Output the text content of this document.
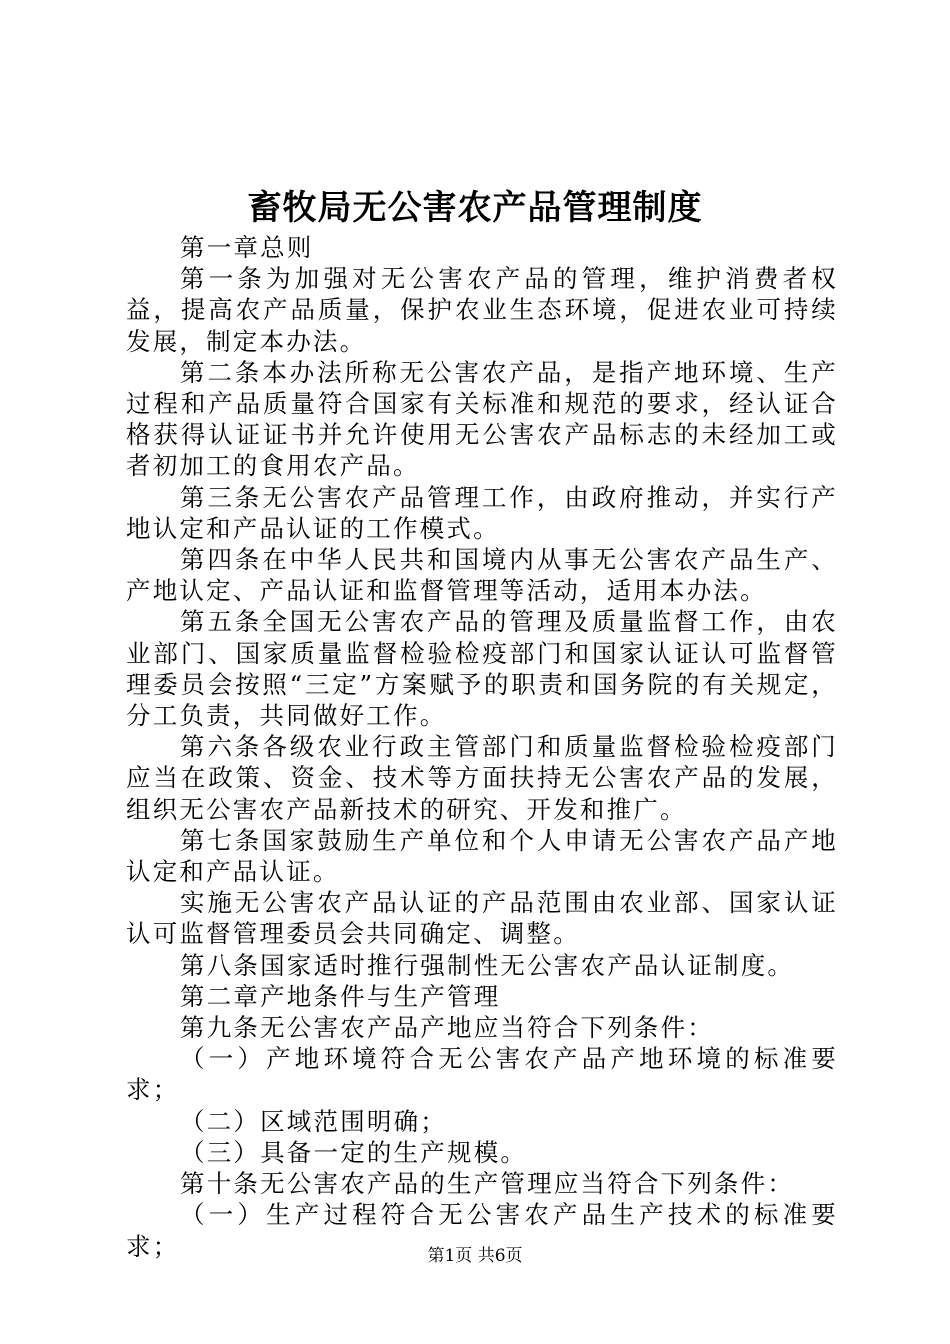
畜牧局无公害农产品管理制度

第一章总则

第一条为加强对无公害农产品的管理，维护消费者权益，提高农产品质量，保护农业生态环境，促进农业可持续发展，制定本办法。

第二条本办法所称无公害农产品，是指产地环境、生产过程和产品质量符合国家有关标准和规范的要求，经认证合格获得认证证书并允许使用无公害农产品标志的未经加工或者初加工的食用农产品。

第三条无公害农产品管理工作，由政府推动，并实行产地认定和产品认证的工作模式。

第四条在中华人民共和国境内从事无公害农产品生产、产地认定、产品认证和监督管理等活动，适用本办法。

第五条全国无公害农产品的管理及质量监督工作，由农业部门、国家质量监督检验检疫部门和国家认证认可监督管理委员会按照“三定”方案赋予的职责和国务院的有关规定，分工负责，共同做好工作。

第六条各级农业行政主管部门和质量监督检验检疫部门应当在政策、资金、技术等方面扶持无公害农产品的发展，组织无公害农产品新技术的研究、开发和推广。

第七条国家鼓励生产单位和个人申请无公害农产品产地认定和产品认证。

实施无公害农产品认证的产品范围由农业部、国家认证认可监督管理委员会共同确定、调整。

第八条国家适时推行强制性无公害农产品认证制度。

第二章产地条件与生产管理

第九条无公害农产品产地应当符合下列条件：

（一）产地环境符合无公害农产品产地环境的标准要求；

（二）区域范围明确；

（三）具备一定的生产规模。

第十条无公害农产品的生产管理应当符合下列条件：

（一）生产过程符合无公害农产品生产技术的标准要求；	第1页 共6页
